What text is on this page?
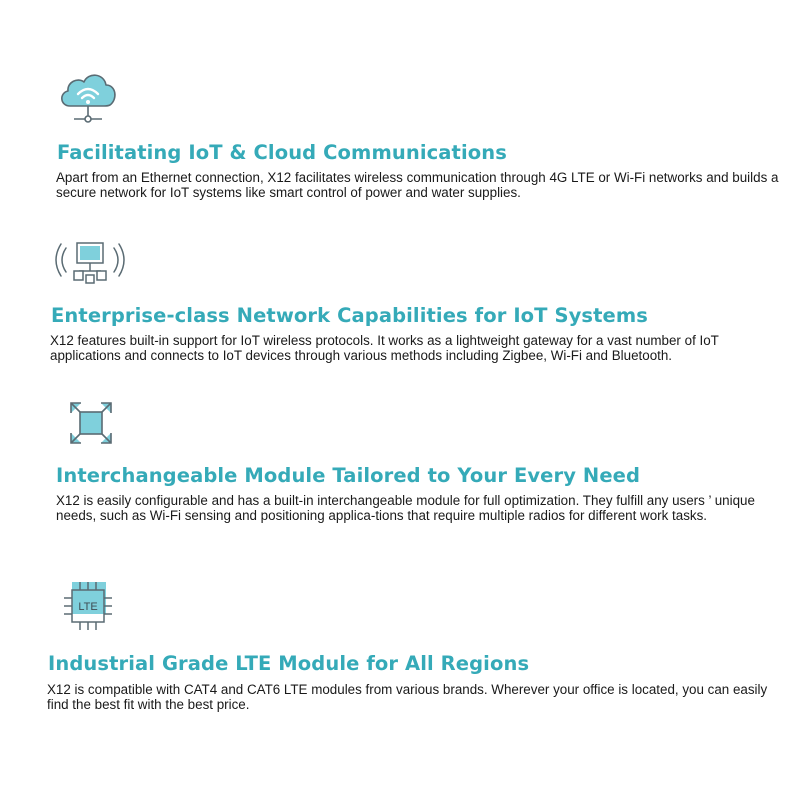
Facilitating IoT & Cloud Communications

Apart from an Ethernet connection, X12 facilitates wireless communication through 4G LTE or Wi-Fi networks and builds a secure network for IoT systems like smart control of power and water supplies.

Enterprise-class Network Capabilities for IoT Systems

X12 features built-in support for IoT wireless protocols. It works as a lightweight gateway for a vast number of IoT applications and connects to IoT devices through various methods including Zigbee, Wi-Fi and Bluetooth.

Interchangeable Module Tailored to Your Every Need

X12 is easily configurable and has a built-in interchangeable module for full optimization. They fulfill any users ’ unique needs, such as Wi-Fi sensing and positioning applica-tions that require multiple radios for different work tasks.

LTE
Industrial Grade LTE Module for All Regions

X12 is compatible with CAT4 and CAT6 LTE modules from various brands. Wherever your office is located, you can easily find the best fit with the best price.
